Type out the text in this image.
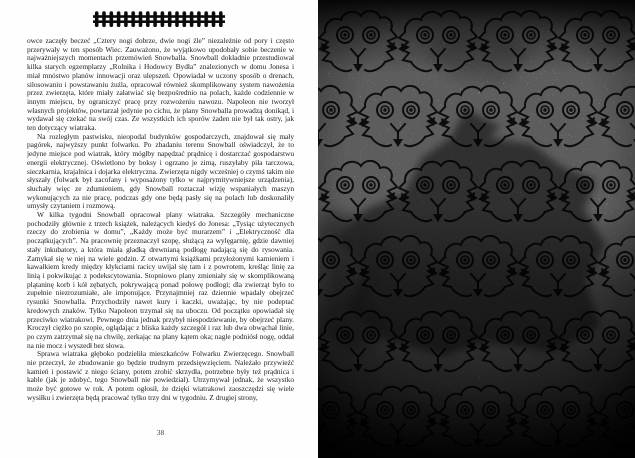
owce zaczęły beczeć „Cztery nogi dobrze, dwie nogi źle” niezależnie od pory i często przerywały w ten sposób Wiec. Zauważono, że wyjątkowo upodobały sobie beczenie w najważniejszych momentach przemówień Snowballa. Snowball dokładnie przestudiował kilka starych egzemplarzy „Rolnika i Hodowcy Bydła” znalezionych w domu Jonesa i miał mnóstwo planów innowacji oraz ulepszeń. Opowiadał w uczony sposób o drenach, silosowaniu i powstawaniu żużla, opracował również skomplikowany system nawożenia przez zwierzęta, które miały załatwiać się bezpośrednio na polach, każde codziennie w innym miejscu, by ograniczyć pracę przy rozwożeniu nawozu. Napoleon nie tworzył własnych projektów, powtarzał jedynie po cichu, że plany Snowballa prowadzą donikąd, i wydawał się czekać na swój czas. Ze wszystkich ich sporów żaden nie był tak ostry, jak ten dotyczący wiatraka.

Na rozległym pastwisku, nieopodal budynków gospodarczych, znajdował się mały pagórek, najwyższy punkt folwarku. Po zbadaniu terenu Snowball oświadczył, że to jedyne miejsce pod wiatrak, który mógłby napędzać prądnicę i dostarczać gospodarstwu energii elektrycznej. Oświetlono by boksy i ogrzano je zimą, ruszyłaby piła tarczowa, sieczkarnia, krajalnica i dojarka elektryczna. Zwierzęta nigdy wcześniej o czymś takim nie słyszały (folwark był zacofany i wyposażony tylko w najprymitywniejsze urządzenia), słuchały więc ze zdumieniem, gdy Snowball roztaczał wizję wspaniałych maszyn wykonujących za nie pracę, podczas gdy one będą pasły się na polach lub doskonaliły umysły czytaniem i rozmową.

W kilka tygodni Snowball opracował plany wiatraka. Szczegóły mechaniczne pochodziły głównie z trzech książek, należących kiedyś do Jonesa: „Tysiąc użytecznych rzeczy do zrobienia w domu”, „Każdy może być murarzem” i „Elektryczność dla początkujących”. Na pracownię przeznaczył szopę, służącą za wylęgarnię, gdzie dawniej stały inkubatory, a która miała gładką drewnianą podłogę nadającą się do rysowania. Zamykał się w niej na wiele godzin. Z otwartymi książkami przyłożonymi kamieniem i kawałkiem kredy między kłykciami racicy uwijał się tam i z powrotem, kreśląc linię za linią i pokwikując z podekscytowania. Stopniowo plany zmieniały się w skomplikowaną plątaninę korb i kół zębatych, pokrywającą ponad połowę podłogi; dla zwierząt było to zupełnie niezrozumiałe, ale imponujące. Przynajmniej raz dziennie wpadały obejrzeć rysunki Snowballa. Przychodziły nawet kury i kaczki, uważając, by nie podeptać kredowych znaków. Tylko Napoleon trzymał się na uboczu. Od początku opowiadał się przeciwko wiatrakowi. Pewnego dnia jednak przybył niespodziewanie, by obejrzeć plany. Kroczył ciężko po szopie, oglądając z bliska każdy szczegół i raz lub dwa obwąchał linie, po czym zatrzymał się na chwilę, zerkając na plany kątem oka; nagle podniósł nogę, oddał na nie mocz i wyszedł bez słowa.

Sprawa wiatraka głęboko podzieliła mieszkańców Folwarku Zwierzęcego. Snowball nie przeczył, że zbudowanie go będzie trudnym przedsięwzięciem. Należało przywieźć kamień i postawić z niego ściany, potem zrobić skrzydła, potrzebne były też prądnica i kable (jak je zdobyć, tego Snowball nie powiedział). Utrzymywał jednak, że wszystko może być gotowe w rok. A potem ogłosił, że dzięki wiatrakowi zaoszczędzi się wiele wysiłku i zwierzęta będą pracować tylko trzy dni w tygodniu. Z drugiej strony,

38
